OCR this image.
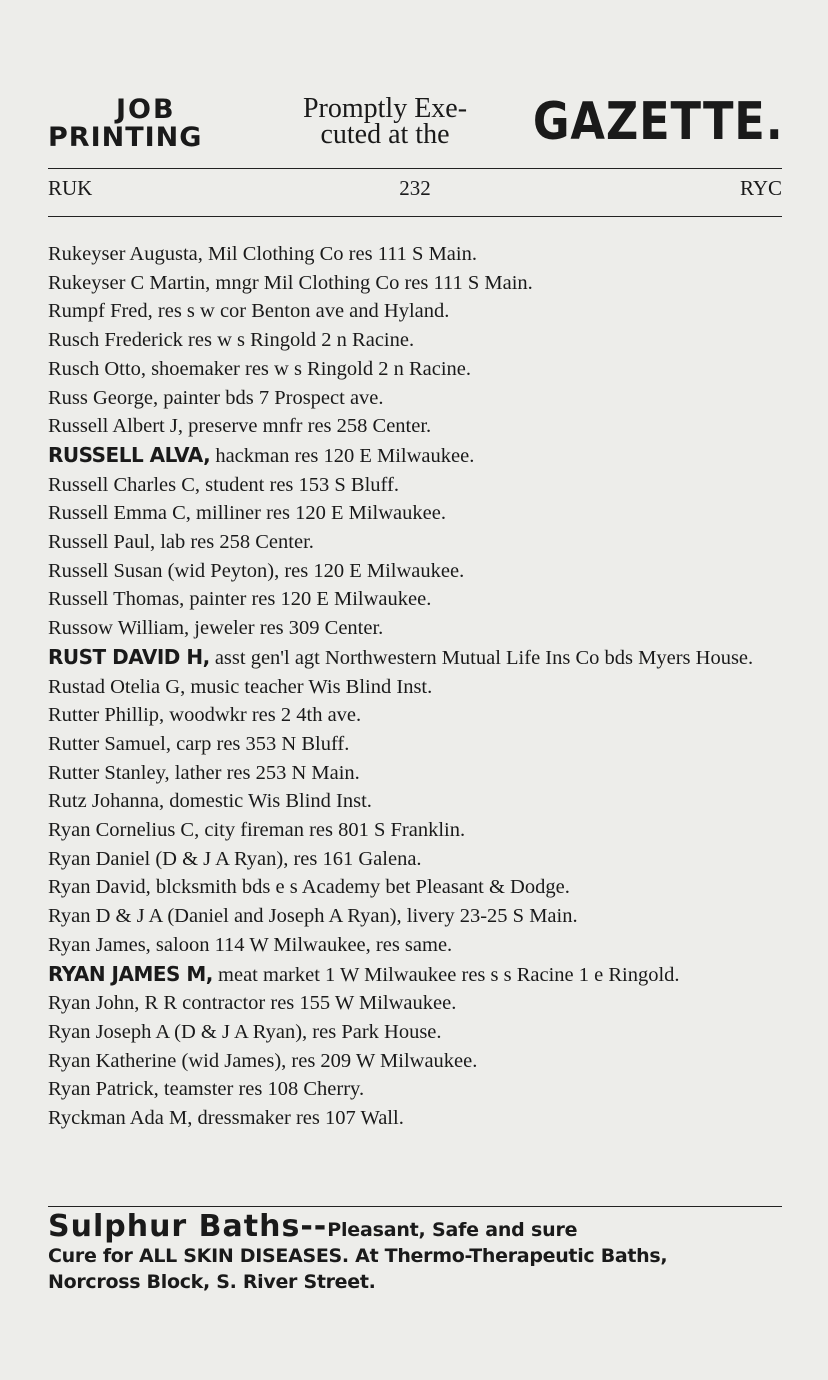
JOB
PRINTING
Promptly Exe-
cuted at the	GAZETTE.
232
RUK	RYC
Rukeyser Augusta, Mil Clothing Co res 111 S Main.
Rukeyser C Martin, mngr Mil Clothing Co res 111 S Main.
Rumpf Fred, res s w cor Benton ave and Hyland.
Rusch Frederick res w s Ringold 2 n Racine.
Rusch Otto, shoemaker res w s Ringold 2 n Racine.
Russ George, painter bds 7 Prospect ave.
Russell Albert J, preserve mnfr res 258 Center.
RUSSELL ALVA, hackman res 120 E Milwaukee.
Russell Charles C, student res 153 S Bluff.
Russell Emma C, milliner res 120 E Milwaukee.
Russell Paul, lab res 258 Center.
Russell Susan (wid Peyton), res 120 E Milwaukee.
Russell Thomas, painter res 120 E Milwaukee.
Russow William, jeweler res 309 Center.
RUST DAVID H, asst gen'l agt Northwestern Mutual Life Ins Co bds Myers House.
Rustad Otelia G, music teacher Wis Blind Inst.
Rutter Phillip, woodwkr res 2 4th ave.
Rutter Samuel, carp res 353 N Bluff.
Rutter Stanley, lather res 253 N Main.
Rutz Johanna, domestic Wis Blind Inst.
Ryan Cornelius C, city fireman res 801 S Franklin.
Ryan Daniel (D & J A Ryan), res 161 Galena.
Ryan David, blcksmith bds e s Academy bet Pleasant & Dodge.
Ryan D & J A (Daniel and Joseph A Ryan), livery 23-25 S Main.
Ryan James, saloon 114 W Milwaukee, res same.
RYAN JAMES M, meat market 1 W Milwaukee res s s Racine 1 e Ringold.
Ryan John, R R contractor res 155 W Milwaukee.
Ryan Joseph A (D & J A Ryan), res Park House.
Ryan Katherine (wid James), res 209 W Milwaukee.
Ryan Patrick, teamster res 108 Cherry.
Ryckman Ada M, dressmaker res 107 Wall.
Sulphur Baths--Pleasant, Safe and sure
Cure for ALL SKIN DISEASES. At Thermo-Therapeutic Baths,
Norcross Block, S. River Street.
